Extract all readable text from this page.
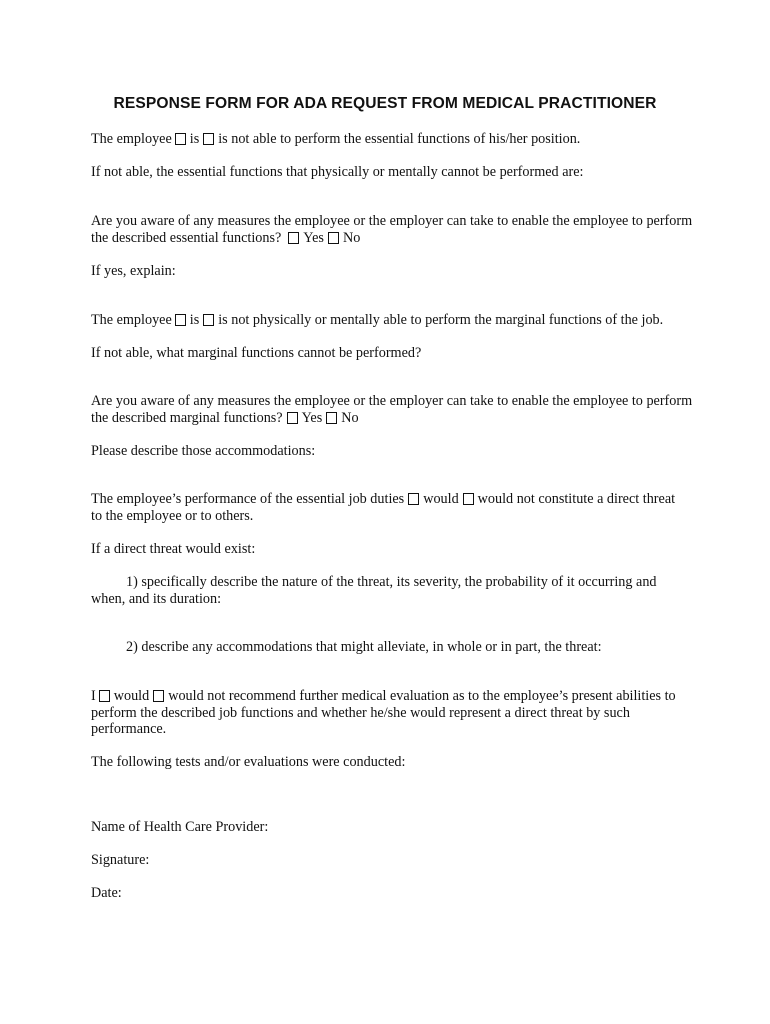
RESPONSE FORM FOR ADA REQUEST FROM MEDICAL PRACTITIONER
The employee is is not able to perform the essential functions of his/her position.
If not able, the essential functions that physically or mentally cannot be performed are:
Are you aware of any measures the employee or the employer can take to enable the employee to perform
the described essential functions? Yes No
If yes, explain:
The employee is is not physically or mentally able to perform the marginal functions of the job.
If not able, what marginal functions cannot be performed?
Are you aware of any measures the employee or the employer can take to enable the employee to perform
the described marginal functions? Yes No
Please describe those accommodations:
The employee’s performance of the essential job duties would would not constitute a direct threat
to the employee or to others.
If a direct threat would exist:
1) specifically describe the nature of the threat, its severity, the probability of it occurring and
when, and its duration:
2) describe any accommodations that might alleviate, in whole or in part, the threat:
I would would not recommend further medical evaluation as to the employee’s present abilities to
perform the described job functions and whether he/she would represent a direct threat by such
performance.
The following tests and/or evaluations were conducted:
Name of Health Care Provider:
Signature:
Date:
